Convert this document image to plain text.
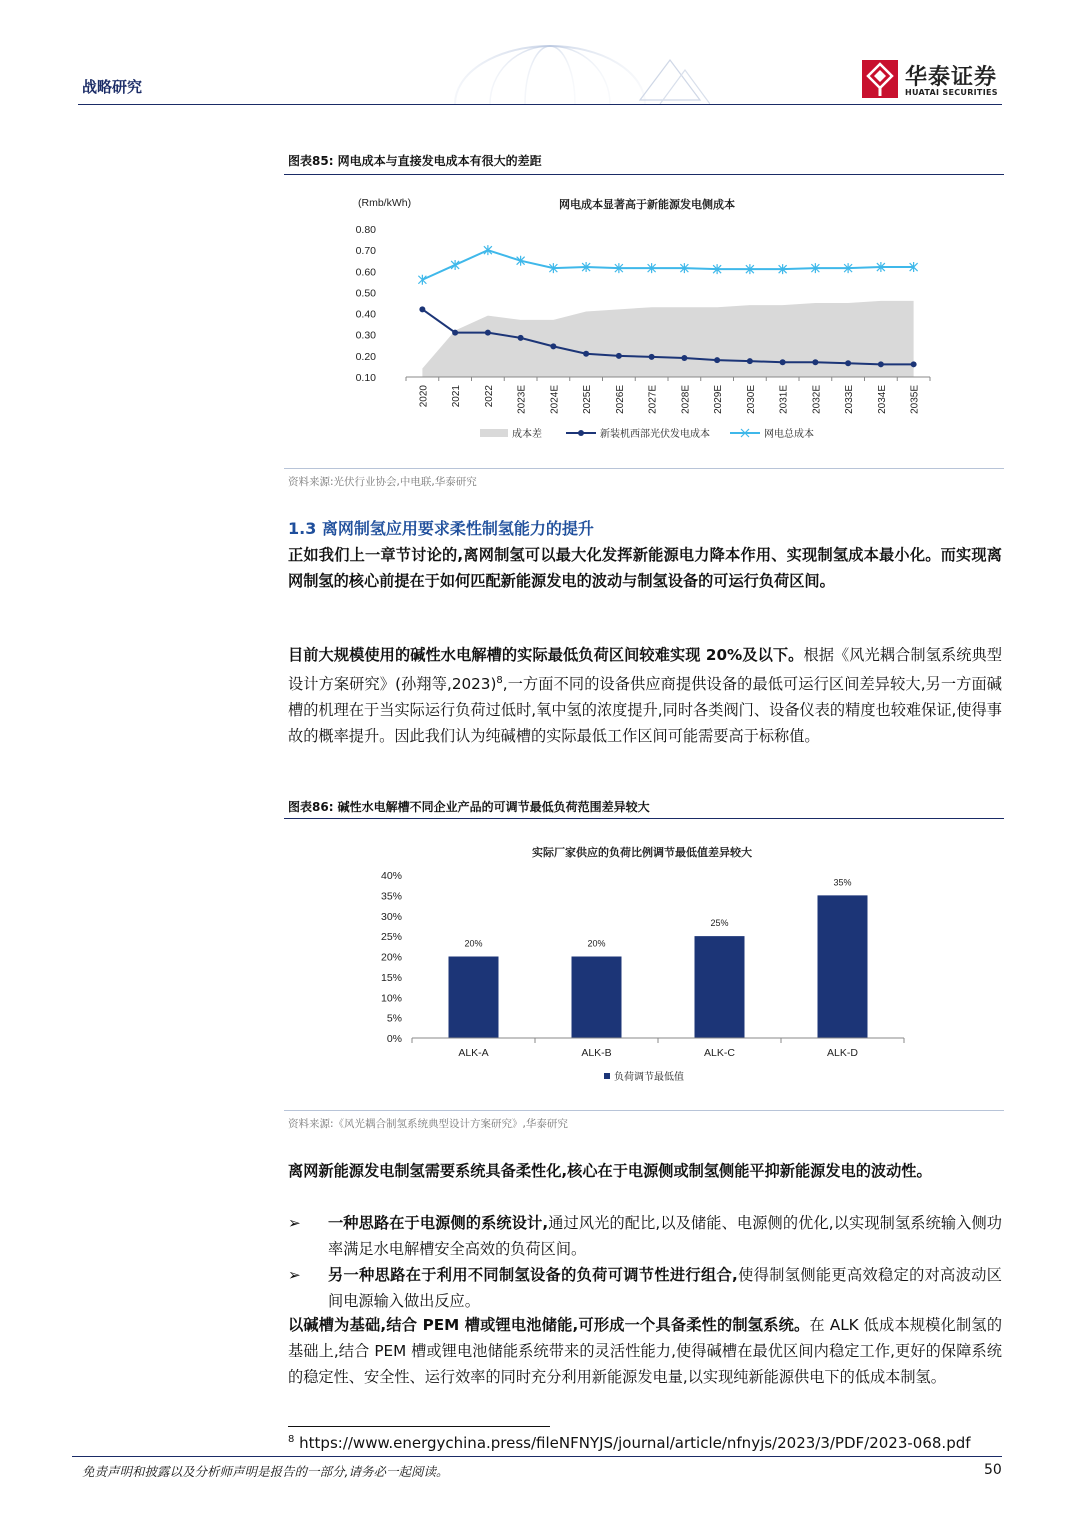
战略研究	华泰证券
HUATAI SECURITIES
图表85: 网电成本与直接发电成本有很大的差距
网电成本显著高于新能源发电侧成本
(Rmb/kWh)
0.80
0.70
0.60
0.50
0.40
0.30
0.20
0.10
2020 2021 2022 2023E 2024E 2025E 2026E 2027E 2028E 2029E 2030E 2031E 2032E 2033E 2034E 2035E
成本差	新装机西部光伏发电成本	网电总成本
资料来源:光伏行业协会,中电联,华泰研究
1.3 离网制氢应用要求柔性制氢能力的提升
正如我们上一章节讨论的,离网制氢可以最大化发挥新能源电力降本作用、实现制氢成本最小化。而实现离网制氢的核心前提在于如何匹配新能源发电的波动与制氢设备的可运行负荷区间。
目前大规模使用的碱性水电解槽的实际最低负荷区间较难实现 20%及以下。根据《风光耦合制氢系统典型设计方案研究》(孙翔等,2023)$^8$,一方面不同的设备供应商提供设备的最低可运行区间差异较大,另一方面碱槽的机理在于当实际运行负荷过低时,氧中氢的浓度提升,同时各类阀门、设备仪表的精度也较难保证,使得事故的概率提升。因此我们认为纯碱槽的实际最低工作区间可能需要高于标称值。
图表86: 碱性水电解槽不同企业产品的可调节最低负荷范围差异较大
实际厂家供应的负荷比例调节最低值差异较大
40%
35%
30%
25%
20%
15%
10%
5%
0%
20%	20%
25%
35%
ALK-A	ALK-B	ALK-C	ALK-D
负荷调节最低值
资料来源:《风光耦合制氢系统典型设计方案研究》,华泰研究
离网新能源发电制氢需要系统具备柔性化,核心在于电源侧或制氢侧能平抑新能源发电的波动性。
➢ 一种思路在于电源侧的系统设计,通过风光的配比,以及储能、电源侧的优化,以实现制氢系统输入侧功率满足水电解槽安全高效的负荷区间。
➢ 另一种思路在于利用不同制氢设备的负荷可调节性进行组合,使得制氢侧能更高效稳定的对高波动区间电源输入做出反应。
以碱槽为基础,结合 PEM 槽或锂电池储能,可形成一个具备柔性的制氢系统。在 ALK 低成本规模化制氢的基础上,结合 PEM 槽或锂电池储能系统带来的灵活性能力,使得碱槽在最优区间内稳定工作,更好的保障系统的稳定性、安全性、运行效率的同时充分利用新能源发电量,以实现纯新能源供电下的低成本制氢。
$^8$ https://www.energychina.press/fileNFNYJS/journal/article/nfnyjs/2023/3/PDF/2023-068.pdf
免责声明和披露以及分析师声明是报告的一部分,请务必一起阅读。	50
